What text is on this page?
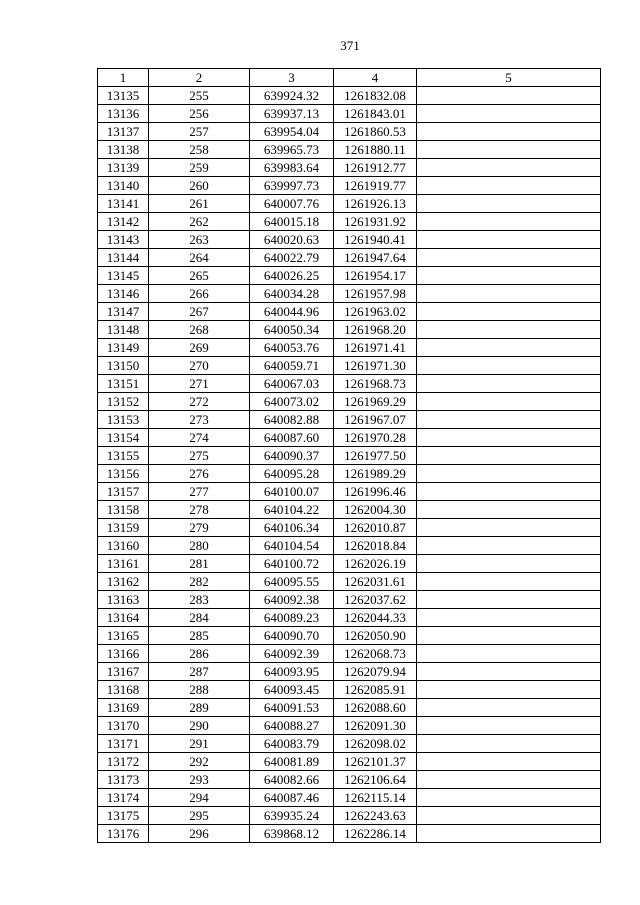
371
1	2	3	4	5
13135	255	639924.32	1261832.08	
13136	256	639937.13	1261843.01	
13137	257	639954.04	1261860.53	
13138	258	639965.73	1261880.11	
13139	259	639983.64	1261912.77	
13140	260	639997.73	1261919.77	
13141	261	640007.76	1261926.13	
13142	262	640015.18	1261931.92	
13143	263	640020.63	1261940.41	
13144	264	640022.79	1261947.64	
13145	265	640026.25	1261954.17	
13146	266	640034.28	1261957.98	
13147	267	640044.96	1261963.02	
13148	268	640050.34	1261968.20	
13149	269	640053.76	1261971.41	
13150	270	640059.71	1261971.30	
13151	271	640067.03	1261968.73	
13152	272	640073.02	1261969.29	
13153	273	640082.88	1261967.07	
13154	274	640087.60	1261970.28	
13155	275	640090.37	1261977.50	
13156	276	640095.28	1261989.29	
13157	277	640100.07	1261996.46	
13158	278	640104.22	1262004.30	
13159	279	640106.34	1262010.87	
13160	280	640104.54	1262018.84	
13161	281	640100.72	1262026.19	
13162	282	640095.55	1262031.61	
13163	283	640092.38	1262037.62	
13164	284	640089.23	1262044.33	
13165	285	640090.70	1262050.90	
13166	286	640092.39	1262068.73	
13167	287	640093.95	1262079.94	
13168	288	640093.45	1262085.91	
13169	289	640091.53	1262088.60	
13170	290	640088.27	1262091.30	
13171	291	640083.79	1262098.02	
13172	292	640081.89	1262101.37	
13173	293	640082.66	1262106.64	
13174	294	640087.46	1262115.14	
13175	295	639935.24	1262243.63	
13176	296	639868.12	1262286.14	
